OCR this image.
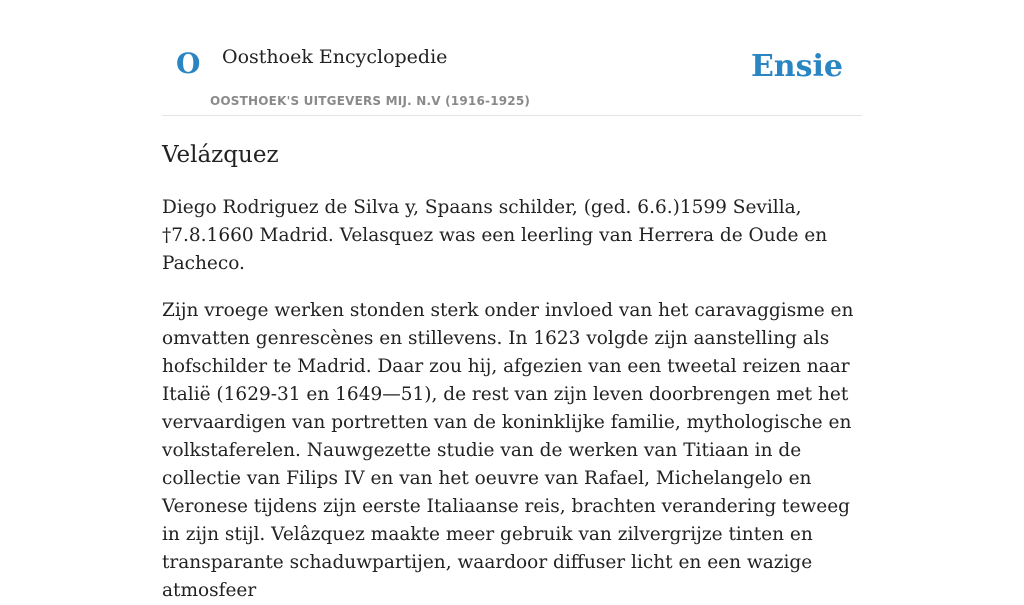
O Oosthoek Encyclopedie
OOSTHOEK'S UITGEVERS MIJ. N.V (1916-1925)
Ensie
Velázquez

Diego Rodriguez de Silva y, Spaans schilder, (ged. 6.6.)1599 Sevilla, †7.8.1660 Madrid. Velasquez was een leerling van Herrera de Oude en Pacheco.

Zijn vroege werken stonden sterk onder invloed van het caravaggisme en omvatten genrescènes en stillevens. In 1623 volgde zijn aanstelling als hofschilder te Madrid. Daar zou hij, afgezien van een tweetal reizen naar Italië (1629-31 en 1649—51), de rest van zijn leven doorbrengen met het vervaardigen van portretten van de koninklijke familie, mythologische en volkstaferelen. Nauwgezette studie van de werken van Titiaan in de collectie van Filips IV en van het oeuvre van Rafael, Michelangelo en Veronese tijdens zijn eerste Italiaanse reis, brachten verandering teweeg in zijn stijl. Velâzquez maakte meer gebruik van zilvergrijze tinten en transparante schaduwpartijen, waardoor diffuser licht en een wazige atmosfeer
